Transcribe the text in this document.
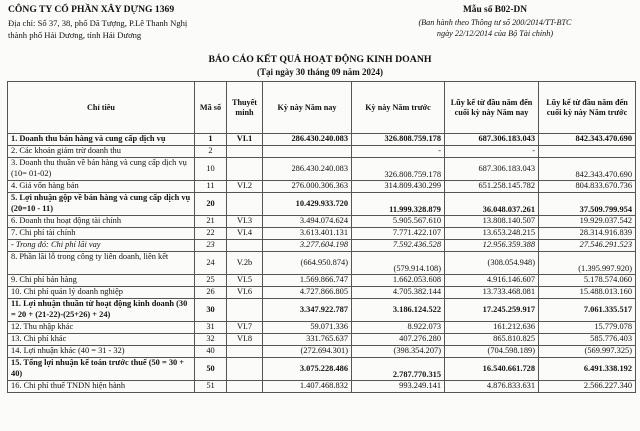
CÔNG TY CỔ PHẦN XÂY DỰNG 1369
Địa chỉ: Số 37, 38, phố Dã Tượng, P.Lê Thanh Nghị
thành phố Hải Dương, tỉnh Hải Dương
Mẫu số B02-DN
(Ban hành theo Thông tư số 200/2014/TT-BTC
ngày 22/12/2014 của Bộ Tài chính)
BÁO CÁO KẾT QUẢ HOẠT ĐỘNG KINH DOANH
(Tại ngày 30 tháng 09 năm 2024)
Chỉ tiêu	Mã số	Thuyết minh	Kỳ này Năm nay	Kỳ này Năm trước	Lũy kế từ đầu năm đến cuối kỳ này Năm nay	Lũy kế từ đầu năm đến cuối kỳ này Năm trước
1. Doanh thu bán hàng và cung cấp dịch vụ	1	VI.1	286.430.240.083	326.808.759.178	687.306.183.043	842.343.470.690
2. Các khoản giảm trừ doanh thu	2			-	-	
3. Doanh thu thuần về bán hàng và cung cấp dịch vụ (10= 01-02)	10		286.430.240.083	326.808.759.178	687.306.183.043	842.343.470.690
4. Giá vốn hàng bán	11	VI.2	276.000.306.363	314.809.430.299	651.258.145.782	804.833.670.736
5. Lợi nhuận gộp về bán hàng và cung cấp dịch vụ (20=10 - 11)	20		10.429.933.720	11.999.328.879	36.048.037.261	37.509.799.954
6. Doanh thu hoạt động tài chính	21	VI.3	3.494.074.624	5.905.567.610	13.808.140.507	19.929.037.542
7. Chi phí tài chính	22	VI.4	3.613.401.131	7.771.422.107	13.653.248.215	28.314.916.839
- Trong đó: Chi phí lãi vay	23		3.277.604.198	7.592.436.528	12.956.359.388	27.546.291.523
8. Phần lãi lỗ trong công ty liên doanh, liên kết	24	V.2b	(664.950.874)	(579.914.108)	(308.054.948)	(1.395.997.920)
9. Chi phí bán hàng	25	VI.5	1.569.866.747	1.662.053.608	4.916.146.607	5.178.574.060
10. Chi phí quản lý doanh nghiệp	26	VI.6	4.727.866.805	4.705.382.144	13.733.468.081	15.488.013.160
11. Lợi nhuận thuần từ hoạt động kinh doanh (30 = 20 + (21-22)-(25+26) + 24)	30		3.347.922.787	3.186.124.522	17.245.259.917	7.061.335.517
12. Thu nhập khác	31	VI.7	59.071.336	8.922.073	161.212.636	15.779.078
13. Chi phí khác	32	VI.8	331.765.637	407.276.280	865.810.825	585.776.403
14. Lợi nhuận khác (40 = 31 - 32)	40		(272.694.301)	(398.354.207)	(704.598.189)	(569.997.325)
15. Tổng lợi nhuận kế toán trước thuế (50 = 30 + 40)	50		3.075.228.486	2.787.770.315	16.540.661.728	6.491.338.192
16. Chi phí thuế TNDN hiện hành	51		1.407.468.832	993.249.141	4.876.833.631	2.566.227.340
